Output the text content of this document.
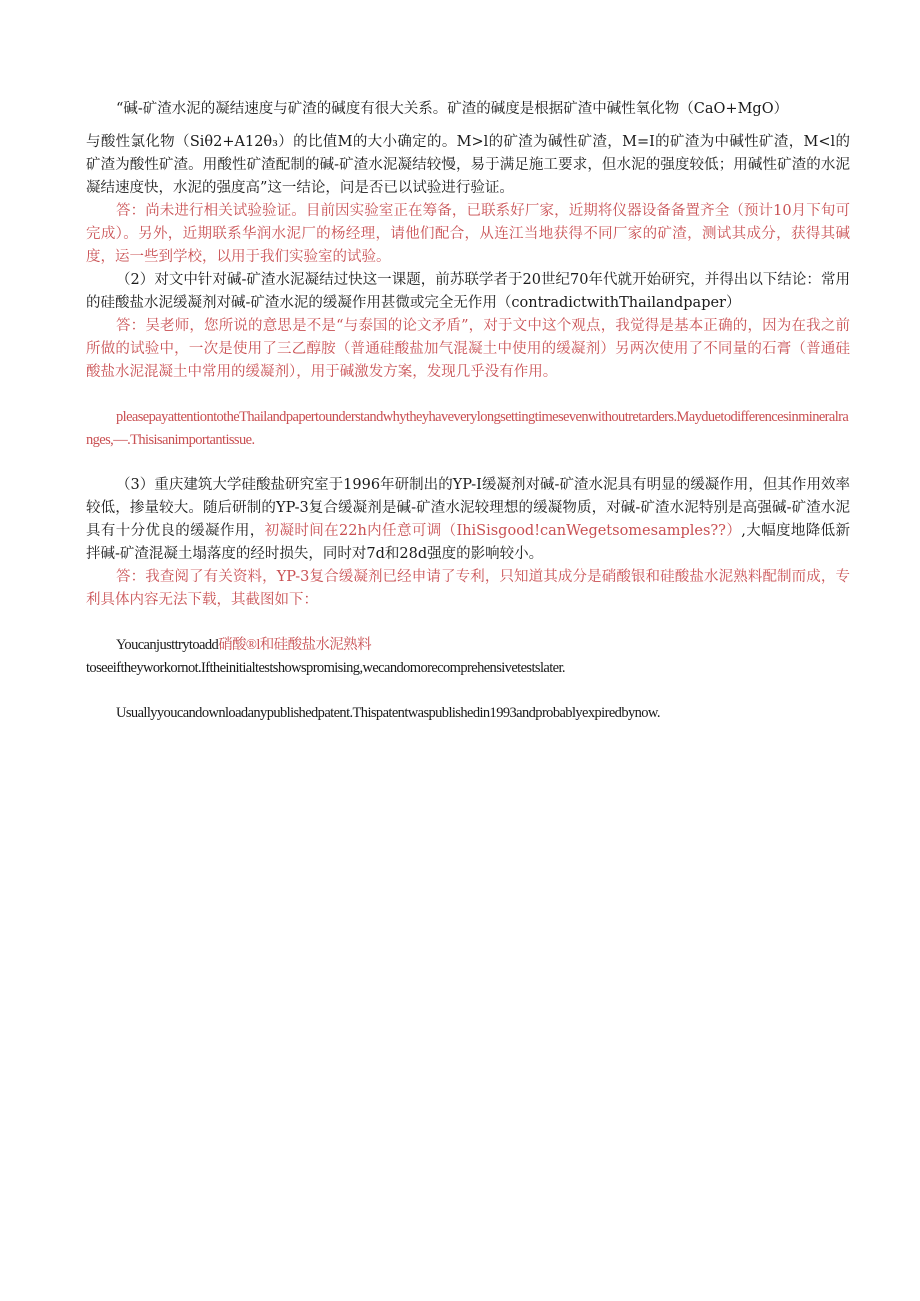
“碱-矿渣水泥的凝结速度与矿渣的碱度有很大关系。矿渣的碱度是根据矿渣中碱性氧化物（CaO+MgO）

与酸性氯化物（Siθ2+A12θ₃）的比值M的大小确定的。M>l的矿渣为碱性矿渣，M=I的矿渣为中碱性矿渣，M<l的矿渣为酸性矿渣。用酸性矿渣配制的碱-矿渣水泥凝结较慢，易于满足施工要求，但水泥的强度较低；用碱性矿渣的水泥凝结速度快，水泥的强度高”这一结论，问是否已以试验进行验证。

答：尚未进行相关试验验证。目前因实验室正在筹备，已联系好厂家，近期将仪器设备备置齐全（预计10月下旬可完成）。另外，近期联系华润水泥厂的杨经理，请他们配合，从连江当地获得不同厂家的矿渣，测试其成分，获得其碱度，运一些到学校，以用于我们实验室的试验。

（2）对文中针对碱-矿渣水泥凝结过快这一课题，前苏联学者于20世纪70年代就开始研究，并得出以下结论：常用的硅酸盐水泥缓凝剂对碱-矿渣水泥的缓凝作用甚微或完全无作用（contradictwithThailandpaper）

答：吴老师，您所说的意思是不是“与泰国的论文矛盾”，对于文中这个观点，我觉得是基本正确的，因为在我之前所做的试验中，一次是使用了三乙醇胺（普通硅酸盐加气混凝土中使用的缓凝剂）另两次使用了不同量的石膏（普通硅酸盐水泥混凝土中常用的缓凝剂），用于碱激发方案，发现几乎没有作用。

pleasepayattentiontotheThailandpapertounderstandwhytheyhaveverylongsettingtimesevenwithoutretarders.Mayduetodifferencesinmineralranges,—.Thisisanimportantissue.

（3）重庆建筑大学硅酸盐研究室于1996年研制出的YP-I缓凝剂对碱-矿渣水泥具有明显的缓凝作用，但其作用效率较低，掺量较大。随后研制的YP-3复合缓凝剂是碱-矿渣水泥较理想的缓凝物质，对碱-矿渣水泥特别是高强碱-矿渣水泥具有十分优良的缓凝作用，初凝时间在22h内任意可调（IhiSisgood!canWegetsomesamples??）,大幅度地降低新拌碱-矿渣混凝土塌落度的经时损失，同时对7d和28d强度的影响较小。

答：我查阅了有关资料，YP-3复合缓凝剂已经申请了专利，只知道其成分是硝酸银和硅酸盐水泥熟料配制而成，专利具体内容无法下载，其截图如下：

Youcanjusttrytoadd硝酸®l和硅酸盐水泥熟料

toseeiftheyworkornot.Iftheinitialtestshowspromising,wecandomorecomprehensivetestslater.

Usuallyyoucandownloadanypublishedpatent.Thispatentwaspublishedin1993andprobablyexpiredbynow.
